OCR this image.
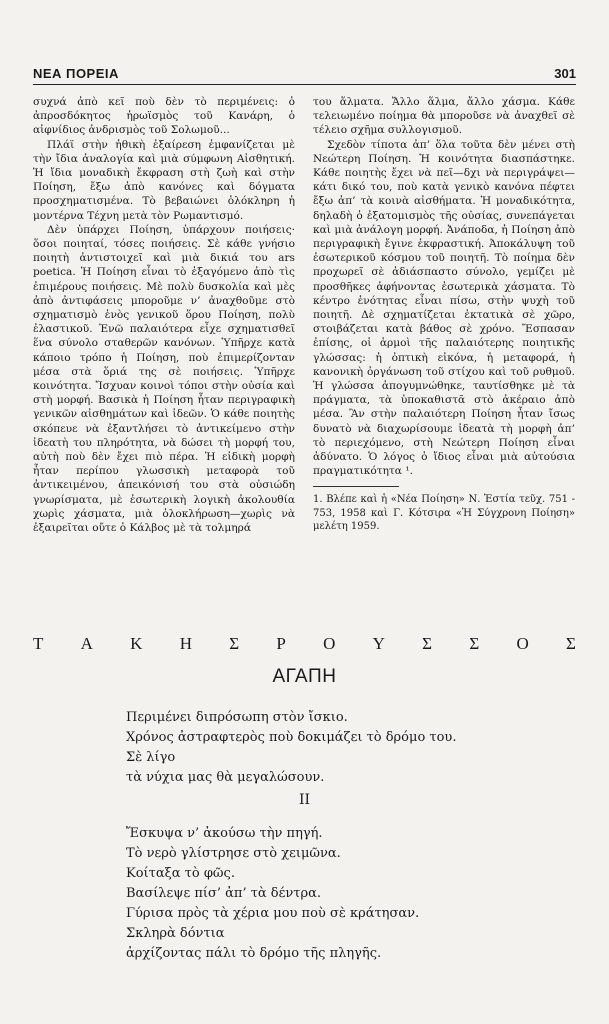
ΝΕΑ ΠΟΡΕΙΑ	301

συχνά ἀπὸ κεῖ ποὺ δὲν τὸ περιμένεις: ὁ ἀπροσδόκητος ἡρωϊσμὸς τοῦ Κανάρη, ὁ αἰφνίδιος ἀνδρισμὸς τοῦ Σολωμοῦ...

Πλάϊ στὴν ἠθικὴ ἐξαίρεση ἐμφανίζεται μὲ τὴν ἴδια ἀναλογία καὶ μιὰ σύμφωνη Αἰσθητική. Ἡ ἴδια μοναδικὴ ἔκφραση στὴ ζωὴ καὶ στὴν Ποίηση, ἔξω ἀπὸ κανόνες καὶ δόγματα προσχηματισμένα. Τὸ βεβαιώνει ὁλόκληρη ἡ μοντέρνα Τέχνη μετὰ τὸν Ρωμαντισμό.

Δὲν ὑπάρχει Ποίηση, ὑπάρχουν ποιήσεις· ὅσοι ποιηταί, τόσες ποιήσεις. Σὲ κάθε γνήσιο ποιητὴ ἀντιστοιχεῖ καὶ μιὰ δικιά του ars poetica. Ἡ Ποίηση εἶναι τὸ ἐξαγόμενο ἀπὸ τὶς ἐπιμέρους ποιήσεις. Μὲ πολὺ δυσκολία καὶ μὲς ἀπὸ ἀντιφάσεις μποροῦμε ν’ ἀναχθοῦμε στὸ σχηματισμὸ ἑνὸς γενικοῦ ὅρου Ποίηση, πολὺ ἐλαστικοῦ. Ἐνῶ παλαιότερα εἶχε σχηματισθεῖ ἕνα σύνολο σταθερῶν κανόνων. Ὑπῆρχε κατὰ κάποιο τρόπο ἡ Ποίηση, ποὺ ἐπιμερίζονταν μέσα στὰ ὅριά της σὲ ποιήσεις. Ὑπῆρχε κοινότητα. Ἴσχυαν κοινοὶ τόποι στὴν οὐσία καὶ στὴ μορφή. Βασικὰ ἡ Ποίηση ἦταν περιγραφικὴ γενικῶν αἰσθημάτων καὶ ἰδεῶν. Ὁ κάθε ποιητὴς σκόπευε νὰ ἐξαντλήσει τὸ ἀντικείμενο στὴν ἰδεατὴ του πληρότητα, νὰ δώσει τὴ μορφή του, αὐτὴ ποὺ δὲν ἔχει πιὸ πέρα. Ἡ εἰδικὴ μορφὴ ἦταν περίπου γλωσσικὴ μεταφορὰ τοῦ ἀντικειμένου, ἀπεικόνισή του στὰ οὐσιώδη γνωρίσματα, μὲ ἐσωτερικὴ λογικὴ ἀκολουθία χωρὶς χάσματα, μιὰ ὁλοκλήρωση—χωρὶς νὰ ἐξαιρεῖται οὔτε ὁ Κάλβος μὲ τὰ τολμηρά

του ἅλματα. Ἄλλο ἅλμα, ἄλλο χάσμα. Κάθε τελειωμένο ποίημα θὰ μποροῦσε νὰ ἀναχθεῖ σὲ τέλειο σχῆμα συλλογισμοῦ.

Σχεδὸν τίποτα ἀπ’ ὅλα τοῦτα δὲν μένει στὴ Νεώτερη Ποίηση. Ἡ κοινότητα διασπάστηκε. Κάθε ποιητὴς ἔχει νὰ πεῖ—δχι νὰ περιγράψει—κάτι δικό του, ποὺ κατὰ γενικὸ κανόνα πέφτει ἔξω ἀπ’ τὰ κοινὰ αἰσθήματα. Ἡ μοναδικότητα, δηλαδὴ ὁ ἐξατομισμὸς τῆς οὐσίας, συνεπάγεται καὶ μιὰ ἀνάλογη μορφή. Ἀνάποδα, ἡ Ποίηση ἀπὸ περιγραφικὴ ἔγινε ἐκφραστική. Ἀποκάλυψη τοῦ ἐσωτερικοῦ κόσμου τοῦ ποιητῆ. Τὸ ποίημα δὲν προχωρεῖ σὲ ἀδιάσπαστο σύνολο, γεμίζει μὲ προσθῆκες ἀφήνοντας ἐσωτερικὰ χάσματα. Τὸ κέντρο ἑνότητας εἶναι πίσω, στὴν ψυχὴ τοῦ ποιητῆ. Δὲ σχηματίζεται ἐκτατικὰ σὲ χῶρο, στοιβάζεται κατὰ βάθος σὲ χρόνο. Ἔσπασαν ἐπίσης, οἱ ἁρμοὶ τῆς παλαιότερης ποιητικῆς γλώσσας: ἡ ὀπτικὴ εἰκόνα, ἡ μεταφορά, ἡ κανονικὴ ὀργάνωση τοῦ στίχου καὶ τοῦ ρυθμοῦ. Ἡ γλώσσα ἀπογυμνώθηκε, ταυτίσθηκε μὲ τὰ πράγματα, τὰ ὑποκαθιστᾶ στὸ ἀκέραιο ἀπὸ μέσα. Ἂν στὴν παλαιότερη Ποίηση ἦταν ἴσως δυνατὸ νὰ διαχωρίσουμε ἰδεατὰ τὴ μορφὴ ἀπ’ τὸ περιεχόμενο, στὴ Νεώτερη Ποίηση εἶναι ἀδύνατο. Ὁ λόγος ὁ ἴδιος εἶναι μιὰ αὐτούσια πραγματικότητα ¹.

1. Βλέπε καὶ ἡ «Νέα Ποίηση» Ν. Ἑστία τεῦχ. 751 - 753, 1958 καὶ Γ. Κότσιρα «Ἡ Σύγχρονη Ποίηση» μελέτη 1959.
Τ Α Κ Η Σ Ρ Ο Υ Σ Σ Ο Σ
ΑΓΑΠΗ
Περιμένει διπρόσωπη στὸν ἴσκιο.
Χρόνος ἀστραφτερὸς ποὺ δοκιμάζει τὸ δρόμο του.
Σὲ λίγο
τὰ νύχια μας θὰ μεγαλώσουν.
II
Ἔσκυψα ν’ ἀκούσω τὴν πηγή.
Τὸ νερὸ γλίστρησε στὸ χειμῶνα.
Κοίταξα τὸ φῶς.
Βασίλεψε πίσ’ ἀπ’ τὰ δέντρα.
Γύρισα πρὸς τὰ χέρια μου ποὺ σὲ κράτησαν.
Σκληρὰ δόντια
ἀρχίζοντας πάλι τὸ δρόμο τῆς πληγῆς.
